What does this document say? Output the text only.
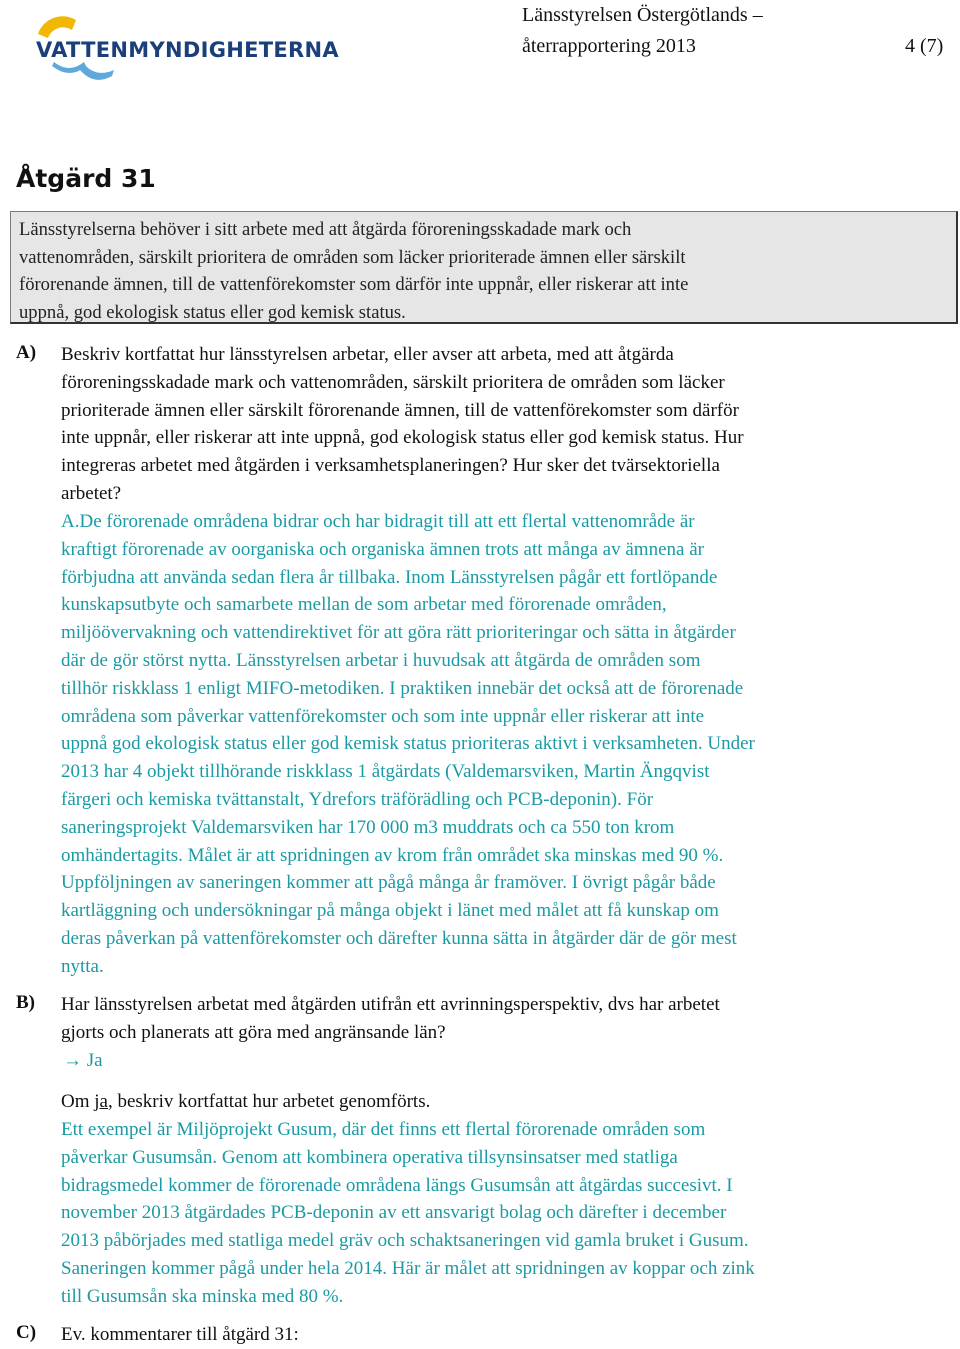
VATTENMYNDIGHETERNA
Länsstyrelsen Östergötlands –
återrapportering 2013	4 (7)
Åtgärd 31
Länsstyrelserna behöver i sitt arbete med att åtgärda föroreningsskadade mark och
vattenområden, särskilt prioritera de områden som läcker prioriterade ämnen eller särskilt
förorenande ämnen, till de vattenförekomster som därför inte uppnår, eller riskerar att inte
uppnå, god ekologisk status eller god kemisk status.
A) Beskriv kortfattat hur länsstyrelsen arbetar, eller avser att arbeta, med att åtgärda
föroreningsskadade mark och vattenområden, särskilt prioritera de områden som läcker
prioriterade ämnen eller särskilt förorenande ämnen, till de vattenförekomster som därför
inte uppnår, eller riskerar att inte uppnå, god ekologisk status eller god kemisk status. Hur
integreras arbetet med åtgärden i verksamhetsplaneringen? Hur sker det tvärsektoriella
arbetet?
A.De förorenade områdena bidrar och har bidragit till att ett flertal vattenområde är
kraftigt förorenade av oorganiska och organiska ämnen trots att många av ämnena är
förbjudna att använda sedan flera år tillbaka. Inom Länsstyrelsen pågår ett fortlöpande
kunskapsutbyte och samarbete mellan de som arbetar med förorenade områden,
miljöövervakning och vattendirektivet för att göra rätt prioriteringar och sätta in åtgärder
där de gör störst nytta. Länsstyrelsen arbetar i huvudsak att åtgärda de områden som
tillhör riskklass 1 enligt MIFO-metodiken. I praktiken innebär det också att de förorenade
områdena som påverkar vattenförekomster och som inte uppnår eller riskerar att inte
uppnå god ekologisk status eller god kemisk status prioriteras aktivt i verksamheten. Under
2013 har 4 objekt tillhörande riskklass 1 åtgärdats (Valdemarsviken, Martin Ängqvist
färgeri och kemiska tvättanstalt, Ydrefors träförädling och PCB-deponin). För
saneringsprojekt Valdemarsviken har 170 000 m3 muddrats och ca 550 ton krom
omhändertagits. Målet är att spridningen av krom från området ska minskas med 90 %.
Uppföljningen av saneringen kommer att pågå många år framöver. I övrigt pågår både
kartläggning och undersökningar på många objekt i länet med målet att få kunskap om
deras påverkan på vattenförekomster och därefter kunna sätta in åtgärder där de gör mest
nytta.
B) Har länsstyrelsen arbetat med åtgärden utifrån ett avrinningsperspektiv, dvs har arbetet
gjorts och planerats att göra med angränsande län?
→ Ja
Om ja, beskriv kortfattat hur arbetet genomförts.
Ett exempel är Miljöprojekt Gusum, där det finns ett flertal förorenade områden som
påverkar Gusumsån. Genom att kombinera operativa tillsynsinsatser med statliga
bidragsmedel kommer de förorenade områdena längs Gusumsån att åtgärdas succesivt. I
november 2013 åtgärdades PCB-deponin av ett ansvarigt bolag och därefter i december
2013 påbörjades med statliga medel gräv och schaktsaneringen vid gamla bruket i Gusum.
Saneringen kommer pågå under hela 2014. Här är målet att spridningen av koppar och zink
till Gusumsån ska minska med 80 %.
C) Ev. kommentarer till åtgärd 31:
